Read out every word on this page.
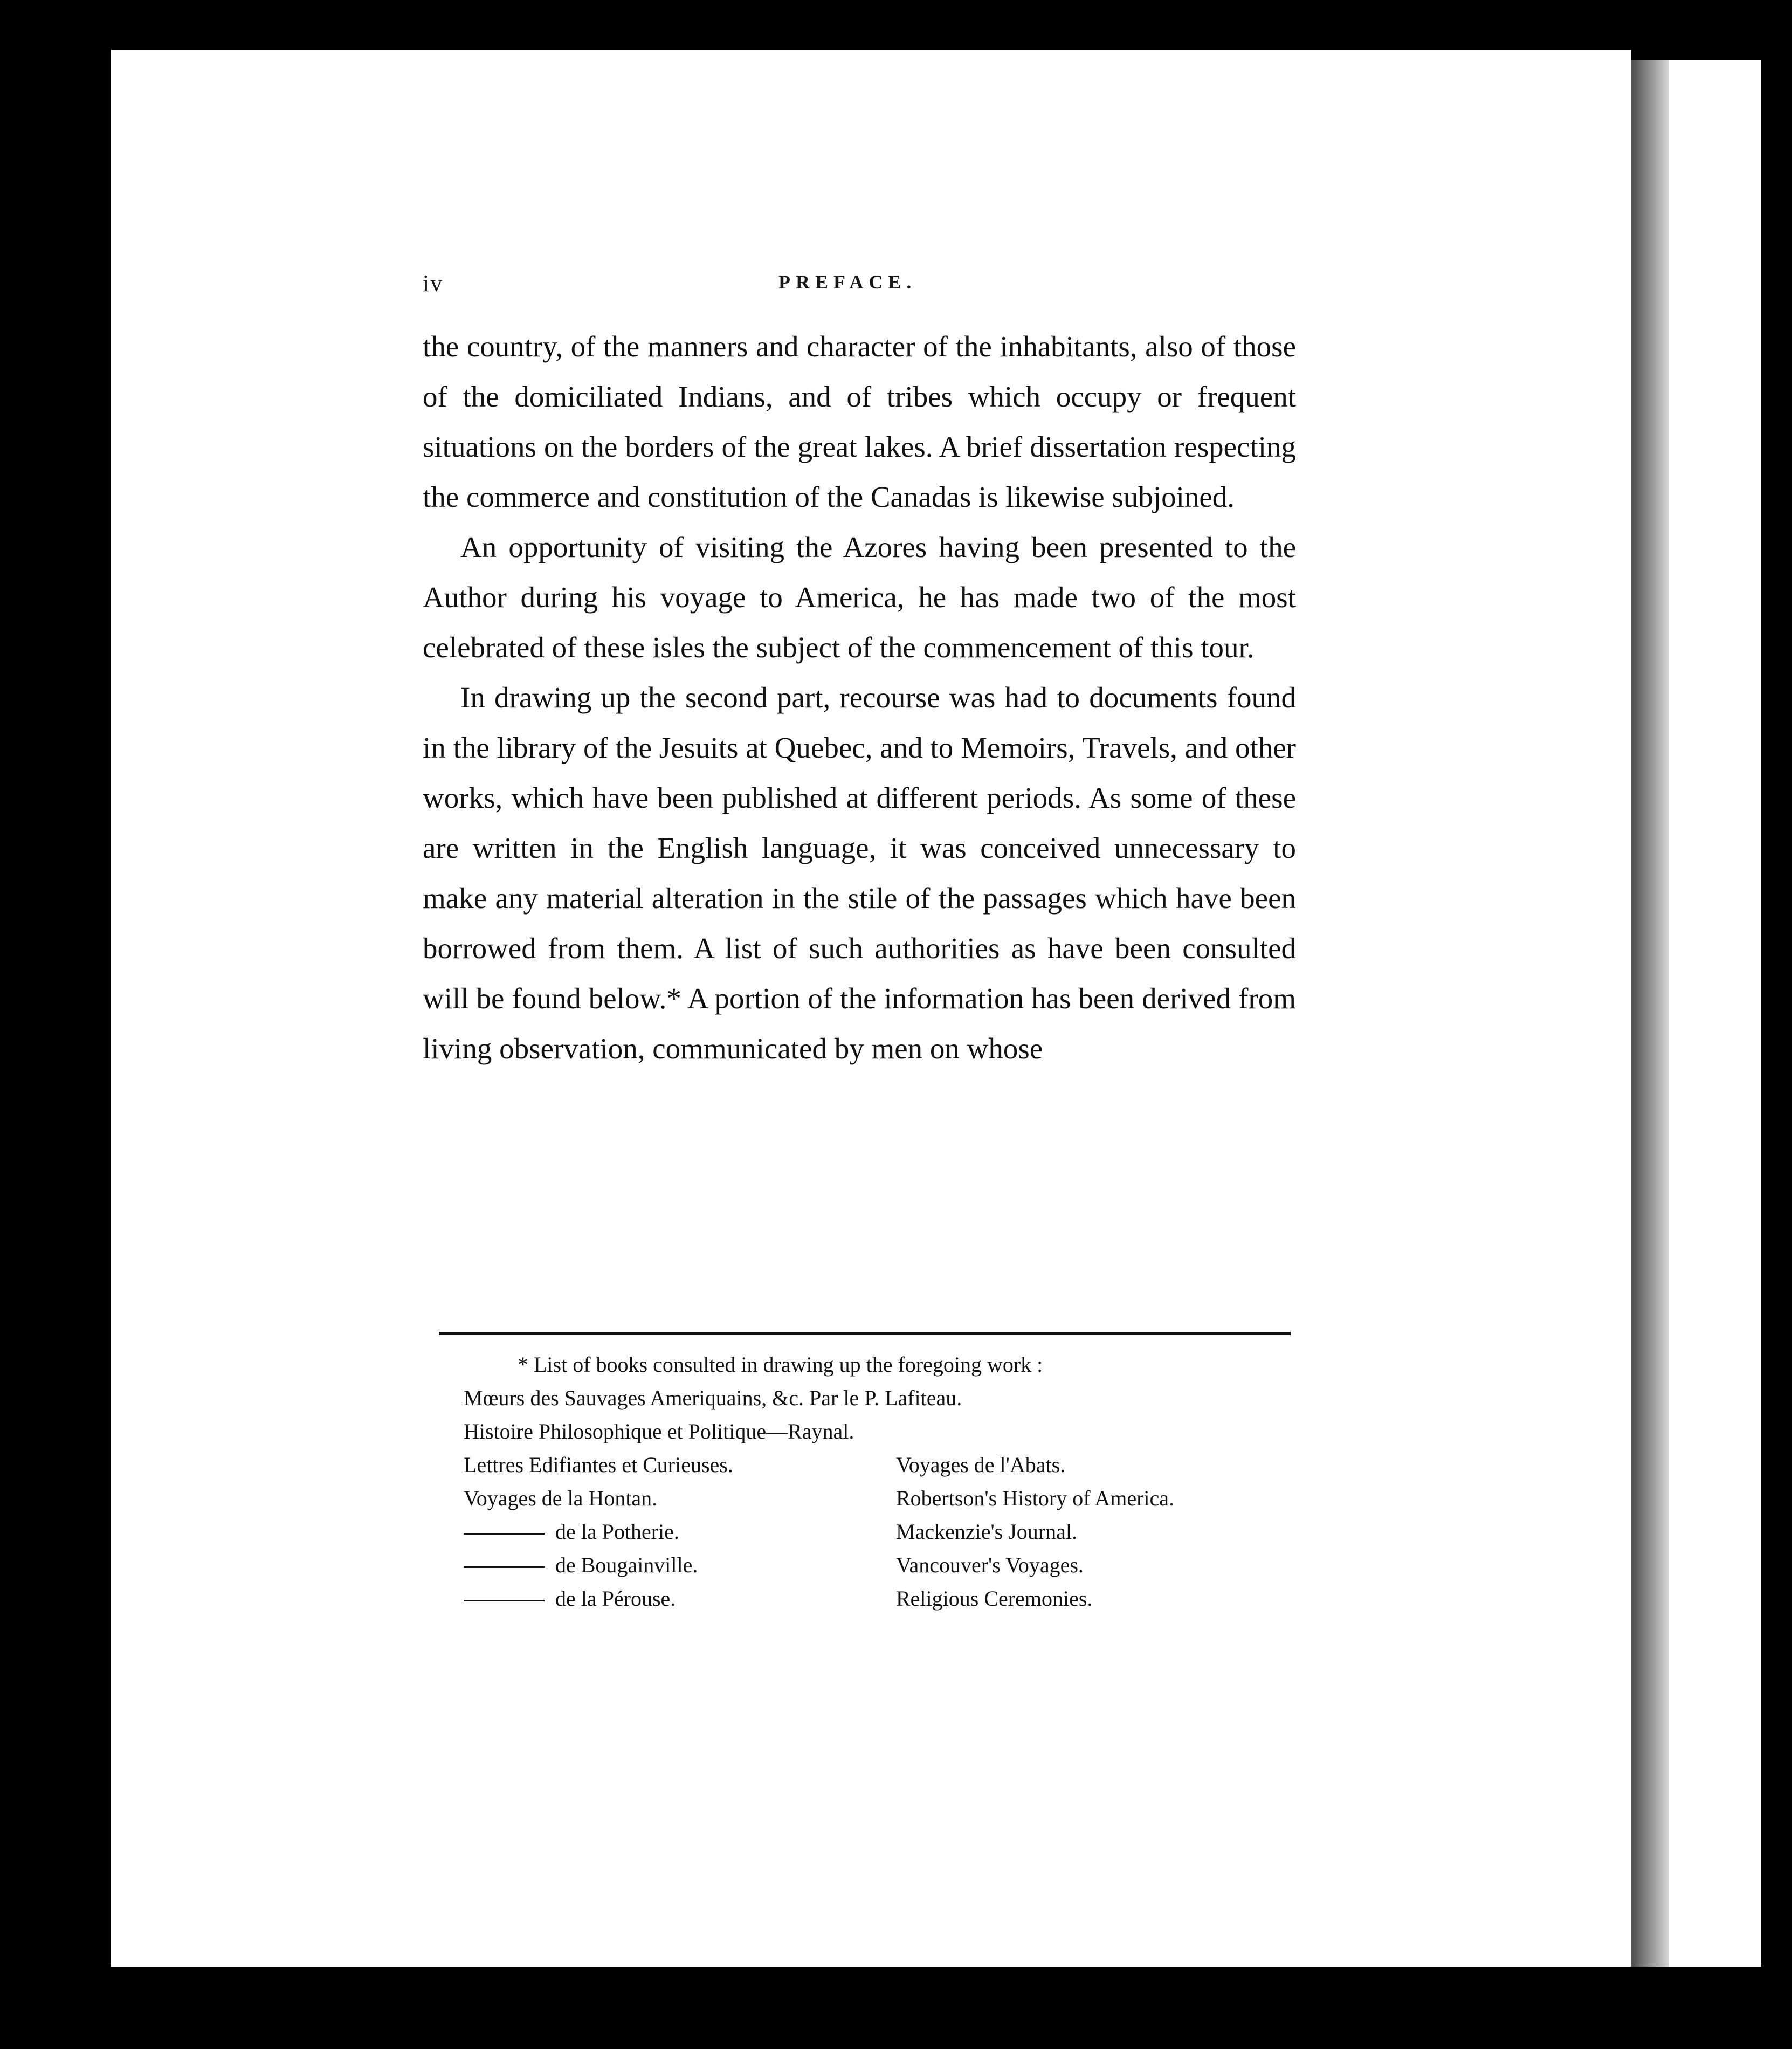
iv	PREFACE.

the country, of the manners and character of the inhabitants, also of those of the domiciliated Indians, and of tribes which occupy or frequent situations on the borders of the great lakes. A brief dissertation respecting the commerce and constitution of the Canadas is likewise subjoined.

An opportunity of visiting the Azores having been presented to the Author during his voyage to America, he has made two of the most celebrated of these isles the subject of the commencement of this tour.

In drawing up the second part, recourse was had to documents found in the library of the Jesuits at Quebec, and to Memoirs, Travels, and other works, which have been published at different periods. As some of these are written in the English language, it was conceived unnecessary to make any material alteration in the stile of the passages which have been borrowed from them. A list of such authorities as have been consulted will be found below.* A portion of the information has been derived from living observation, communicated by men on whose

* List of books consulted in drawing up the foregoing work :
Mœurs des Sauvages Ameriquains, &c. Par le P. Lafiteau.
Histoire Philosophique et Politique—Raynal.
Lettres Edifiantes et Curieuses.
Voyages de la Hontan.
de la Potherie.
de Bougainville.
de la Pérouse.
Voyages de l'Abats.
Robertson's History of America.
Mackenzie's Journal.
Vancouver's Voyages.
Religious Ceremonies.
